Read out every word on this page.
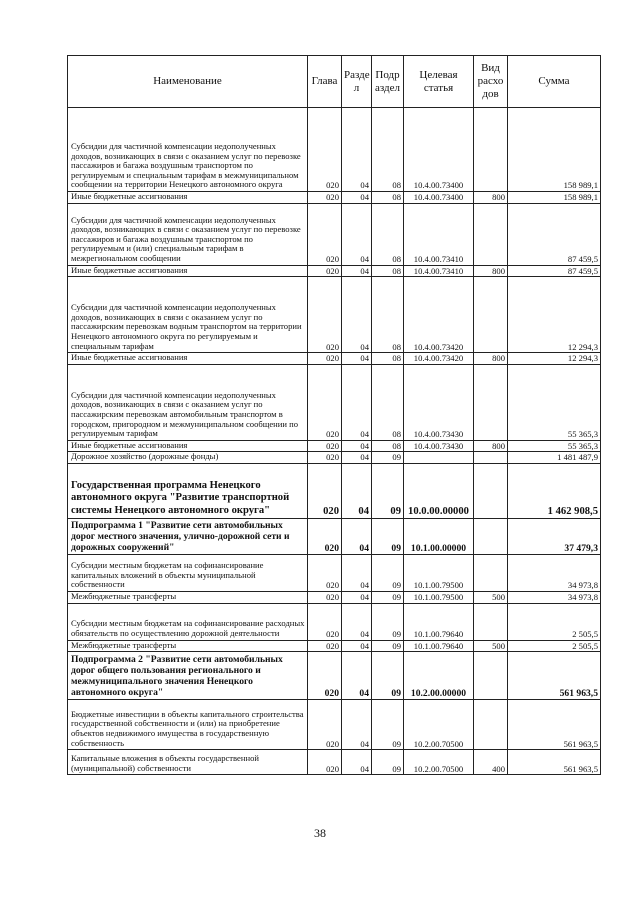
Наименование	Глава	Разде л	Подр аздел	Целевая статья	Вид расхо дов	Сумма
Субсидии для частичной компенсации недополученных доходов, возникающих в связи с оказанием услуг по перевозке пассажиров и багажа воздушным транспортом по регулируемым и специальным тарифам в межмуниципальном сообщении на территории Ненецкого автономного округа	020	04	08	10.4.00.73400		158 989,1
Иные бюджетные ассигнования	020	04	08	10.4.00.73400	800	158 989,1
Субсидии для частичной компенсации недополученных доходов, возникающих в связи с оказанием услуг по перевозке пассажиров и багажа воздушным транспортом по регулируемым и (или) специальным тарифам в межрегиональном сообщении	020	04	08	10.4.00.73410		87 459,5
Иные бюджетные ассигнования	020	04	08	10.4.00.73410	800	87 459,5
Субсидии для частичной компенсации недополученных доходов, возникающих в связи с оказанием услуг по пассажирским перевозкам водным транспортом на территории Ненецкого автономного округа по регулируемым и специальным тарифам	020	04	08	10.4.00.73420		12 294,3
Иные бюджетные ассигнования	020	04	08	10.4.00.73420	800	12 294,3
Субсидии для частичной компенсации недополученных доходов, возникающих в связи с оказанием услуг по пассажирским перевозкам автомобильным транспортом в городском, пригородном и межмуниципальном сообщении по регулируемым тарифам	020	04	08	10.4.00.73430		55 365,3
Иные бюджетные ассигнования	020	04	08	10.4.00.73430	800	55 365,3
Дорожное хозяйство (дорожные фонды)	020	04	09			1 481 487,9
Государственная программа Ненецкого автономного округа "Развитие транспортной системы Ненецкого автономного округа"	020	04	09	10.0.00.00000		1 462 908,5
Подпрограмма 1 "Развитие сети автомобильных дорог местного значения, улично-дорожной сети и дорожных сооружений"	020	04	09	10.1.00.00000		37 479,3
Субсидии местным бюджетам на софинансирование капитальных вложений в объекты муниципальной собственности	020	04	09	10.1.00.79500		34 973,8
Межбюджетные трансферты	020	04	09	10.1.00.79500	500	34 973,8
Субсидии местным бюджетам на софинансирование расходных обязательств по осуществлению дорожной деятельности	020	04	09	10.1.00.79640		2 505,5
Межбюджетные трансферты	020	04	09	10.1.00.79640	500	2 505,5
Подпрограмма 2 "Развитие сети автомобильных дорог общего пользования регионального и межмуниципального значения Ненецкого автономного округа"	020	04	09	10.2.00.00000		561 963,5
Бюджетные инвестиции в объекты капитального строительства государственной собственности и (или) на приобретение объектов недвижимого имущества в государственную собственность	020	04	09	10.2.00.70500		561 963,5
Капитальные вложения в объекты государственной (муниципальной) собственности	020	04	09	10.2.00.70500	400	561 963,5
38
